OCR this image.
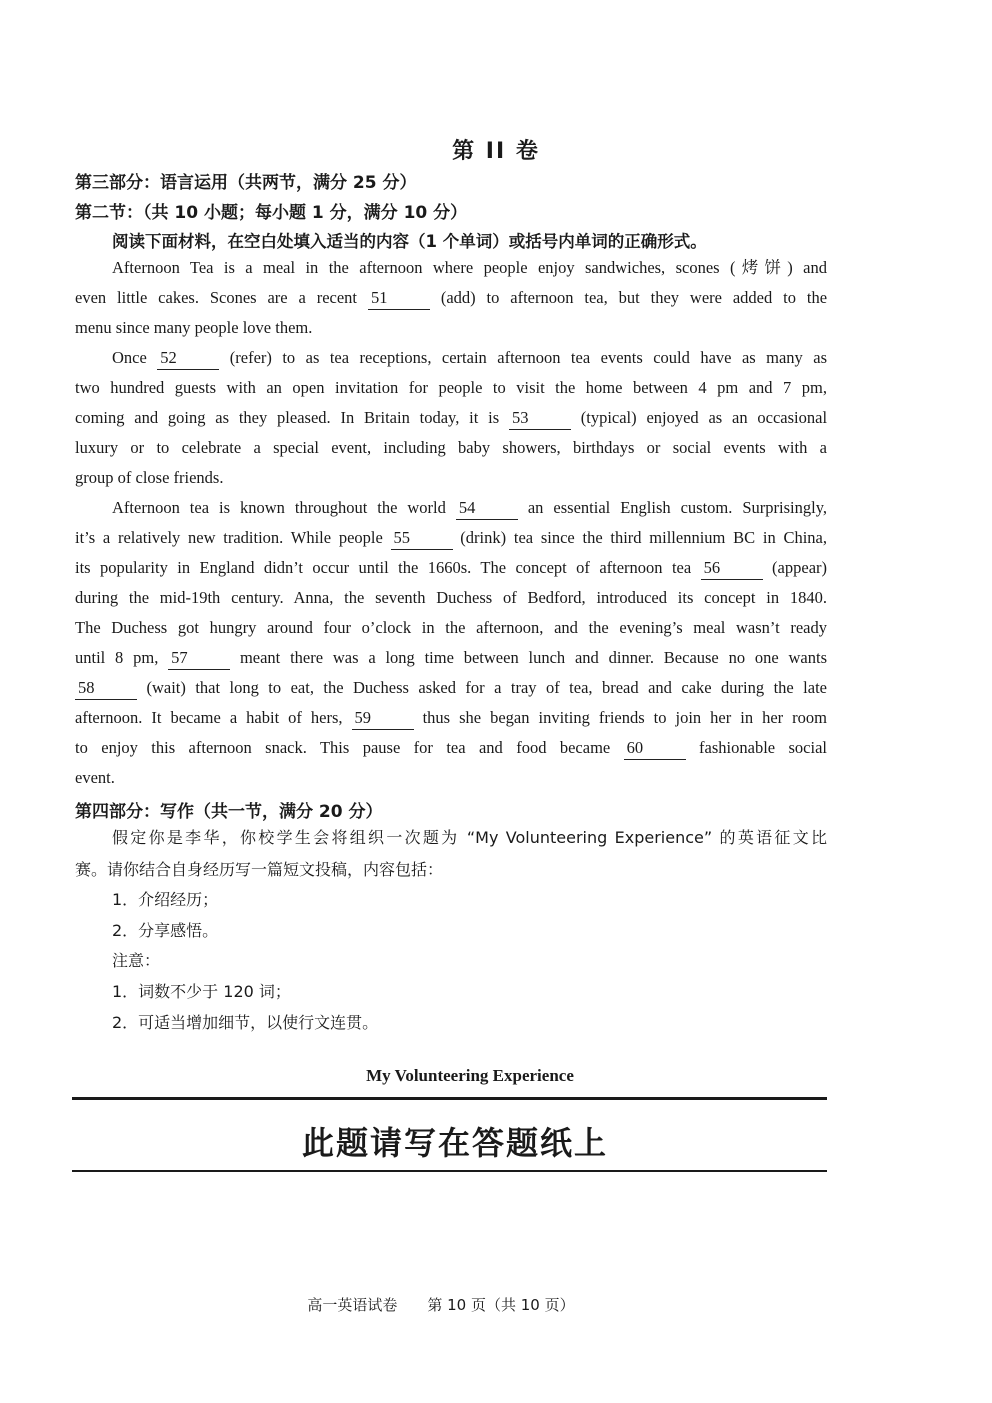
第 II 卷
第三部分：语言运用（共两节，满分 25 分）
第二节：（共 10 小题；每小题 1 分，满分 10 分）
阅读下面材料，在空白处填入适当的内容（1 个单词）或括号内单词的正确形式。
Afternoon Tea is a meal in the afternoon where people enjoy sandwiches, scones (烤饼) and
even little cakes. Scones are a recent 51	(add) to afternoon tea, but they were added to the
menu since many people love them.
Once 52	(refer) to as tea receptions, certain afternoon tea events could have as many as
two hundred guests with an open invitation for people to visit the home between 4 pm and 7 pm,
coming and going as they pleased. In Britain today, it is 53	(typical) enjoyed as an occasional
luxury or to celebrate a special event, including baby showers, birthdays or social events with a
group of close friends.
Afternoon tea is known throughout the world 54	an essential English custom. Surprisingly,
it’s a relatively new tradition. While people 55	(drink) tea since the third millennium BC in China,
its popularity in England didn’t occur until the 1660s. The concept of afternoon tea 56	(appear)
during the mid-19th century. Anna, the seventh Duchess of Bedford, introduced its concept in 1840.
The Duchess got hungry around four o’clock in the afternoon, and the evening’s meal wasn’t ready
until 8 pm, 57	meant there was a long time between lunch and dinner. Because no one wants
58	(wait) that long to eat, the Duchess asked for a tray of tea, bread and cake during the late
afternoon. It became a habit of hers, 59	thus she began inviting friends to join her in her room
to enjoy this afternoon snack. This pause for tea and food became 60	fashionable social
event.
第四部分：写作（共一节，满分 20 分）
假定你是李华，你校学生会将组织一次题为 “My Volunteering Experience” 的英语征文比
赛。请你结合自身经历写一篇短文投稿，内容包括：
1．介绍经历；
2．分享感悟。
注意：
1．词数不少于 120 词；
2．可适当增加细节，以使行文连贯。
My Volunteering Experience
此题请写在答题纸上
高一英语试卷　　第 10 页（共 10 页）
